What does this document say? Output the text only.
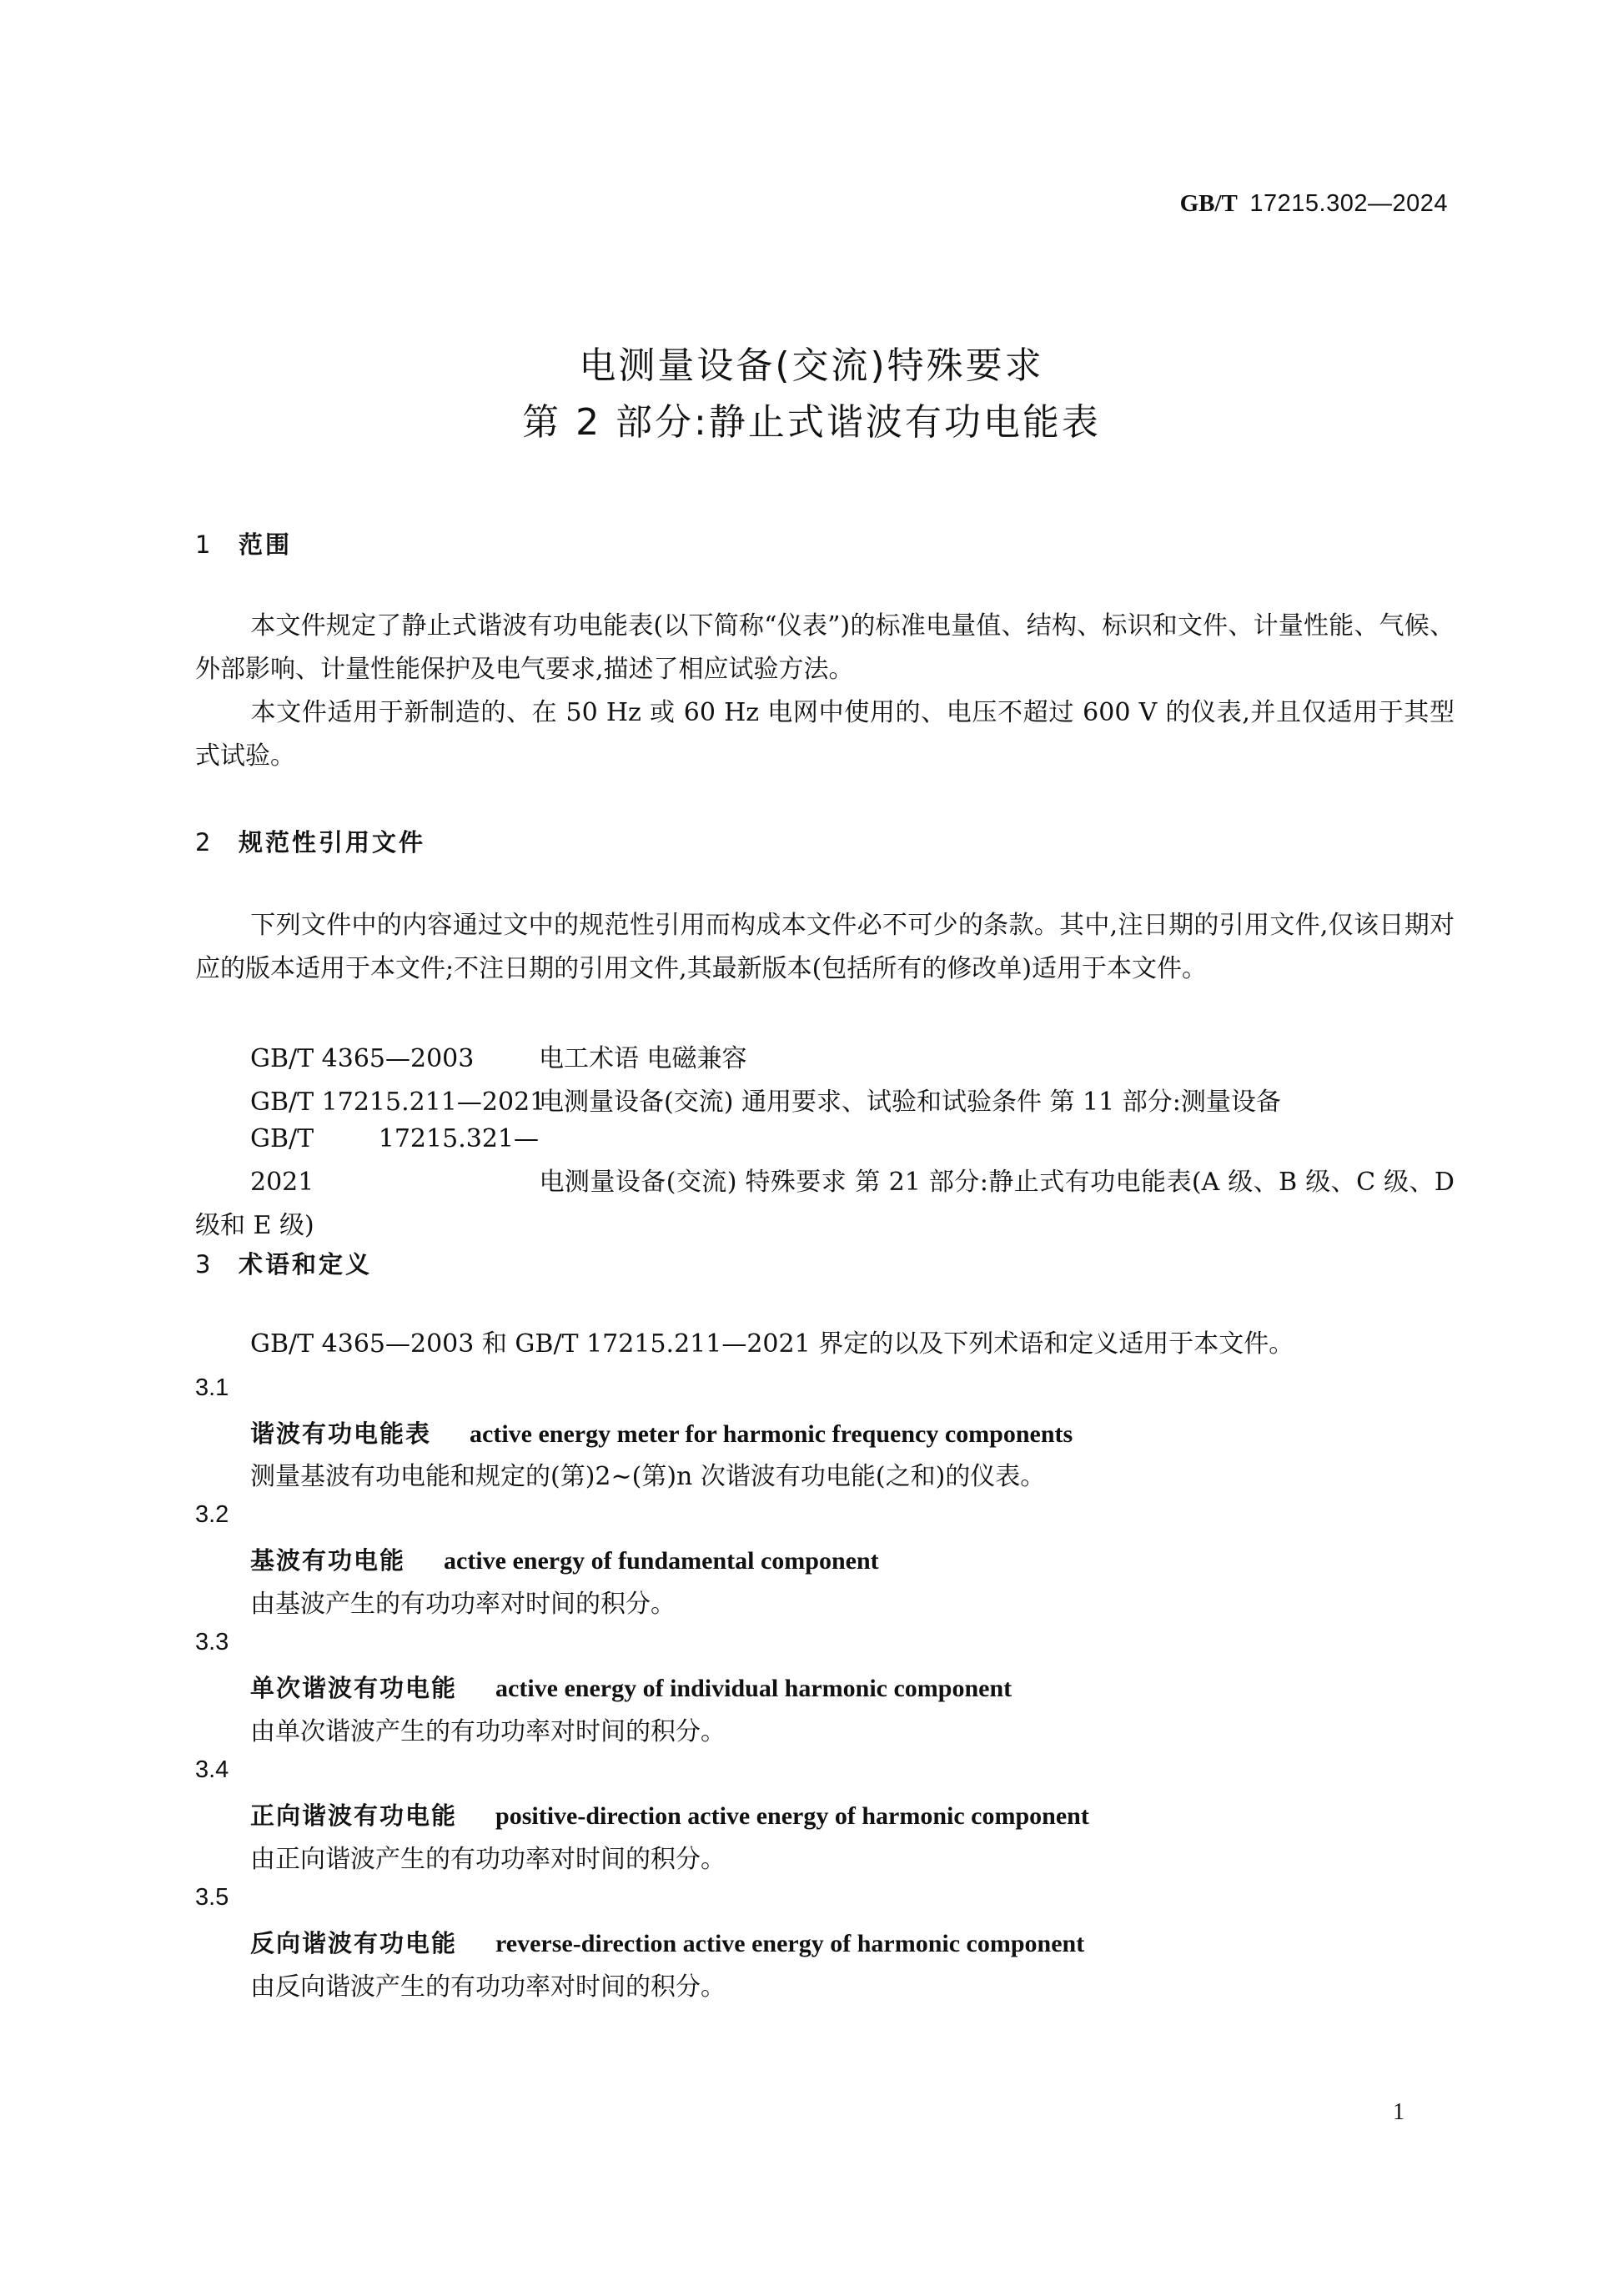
GB/T 17215.302—2024
电测量设备(交流)特殊要求
第 2 部分:静止式谐波有功电能表
1 范围
本文件规定了静止式谐波有功电能表(以下简称“仪表”)的标准电量值、结构、标识和文件、计量性能、气候、外部影响、计量性能保护及电气要求,描述了相应试验方法。
本文件适用于新制造的、在 50 Hz 或 60 Hz 电网中使用的、电压不超过 600 V 的仪表,并且仅适用于其型式试验。
2 规范性引用文件
下列文件中的内容通过文中的规范性引用而构成本文件必不可少的条款。其中,注日期的引用文件,仅该日期对应的版本适用于本文件;不注日期的引用文件,其最新版本(包括所有的修改单)适用于本文件。
GB/T 4365—2003	电工术语 电磁兼容
GB/T 17215.211—2021电测量设备(交流) 通用要求、试验和试验条件 第 11 部分:测量设备
GB/T 17215.321—2021	电测量设备(交流) 特殊要求 第 21 部分:静止式有功电能表(A 级、B 级、C 级、D 级和 E 级)
3 术语和定义
GB/T 4365—2003 和 GB/T 17215.211—2021 界定的以及下列术语和定义适用于本文件。
3.1
谐波有功电能表 active energy meter for harmonic frequency components
测量基波有功电能和规定的(第)2~(第)n 次谐波有功电能(之和)的仪表。
3.2
基波有功电能 active energy of fundamental component
由基波产生的有功功率对时间的积分。
3.3
单次谐波有功电能 active energy of individual harmonic component
由单次谐波产生的有功功率对时间的积分。
3.4
正向谐波有功电能 positive-direction active energy of harmonic component
由正向谐波产生的有功功率对时间的积分。
3.5
反向谐波有功电能 reverse-direction active energy of harmonic component
由反向谐波产生的有功功率对时间的积分。
1
